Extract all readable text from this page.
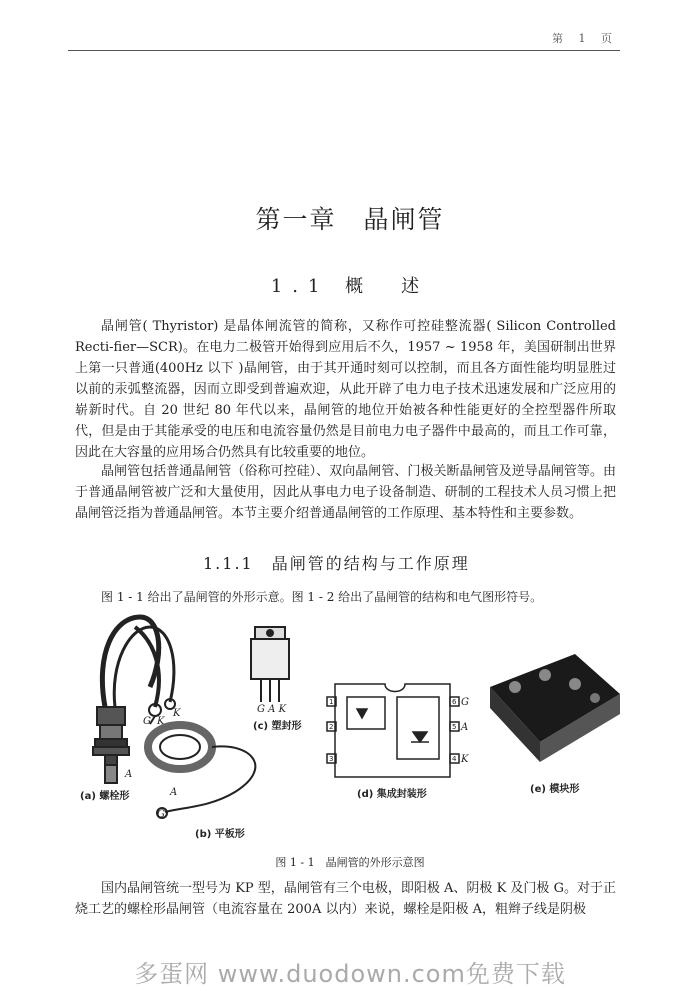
第 1 页
第一章　晶闸管
1.1 概　述

晶闸管( Thyristor) 是晶体闸流管的简称，又称作可控硅整流器( Silicon Controlled Recti-fier—SCR)。在电力二极管开始得到应用后不久，1957 ~ 1958 年，美国研制出世界上第一只普通(400Hz 以下 )晶闸管，由于其开通时刻可以控制，而且各方面性能均明显胜过以前的汞弧整流器，因而立即受到普遍欢迎，从此开辟了电力电子技术迅速发展和广泛应用的崭新时代。自 20 世纪 80 年代以来，晶闸管的地位开始被各种性能更好的全控型器件所取代，但是由于其能承受的电压和电流容量仍然是目前电力电子器件中最高的，而且工作可靠，因此在大容量的应用场合仍然具有比较重要的地位。

晶闸管包括普通晶闸管（俗称可控硅）、双向晶闸管、门极关断晶闸管及逆导晶闸管等。由于普通晶闸管被广泛和大量使用，因此从事电力电子设备制造、研制的工程技术人员习惯上把晶闸管泛指为普通晶闸管。本节主要介绍普通晶闸管的工作原理、基本特性和主要参数。

1.1.1　晶闸管的结构与工作原理
图 1 - 1 给出了晶闸管的外形示意。图 1 - 2 给出了晶闸管的结构和电气图形符号。
G
K
K
A
A
G
G A K
G
A
K
1
2
3
6
5
4
(a) 螺栓形
(b) 平板形
(c) 塑封形
(d) 集成封装形	(e) 模块形
图 1 - 1　晶闸管的外形示意图

国内晶闸管统一型号为 KP 型，晶闸管有三个电极，即阳极 A、阴极 K 及门极 G。对于正烧工艺的螺栓形晶闸管（电流容量在 200A 以内）来说，螺栓是阳极 A，粗辫子线是阴极

多蛋网 www.duodown.com免费下载
